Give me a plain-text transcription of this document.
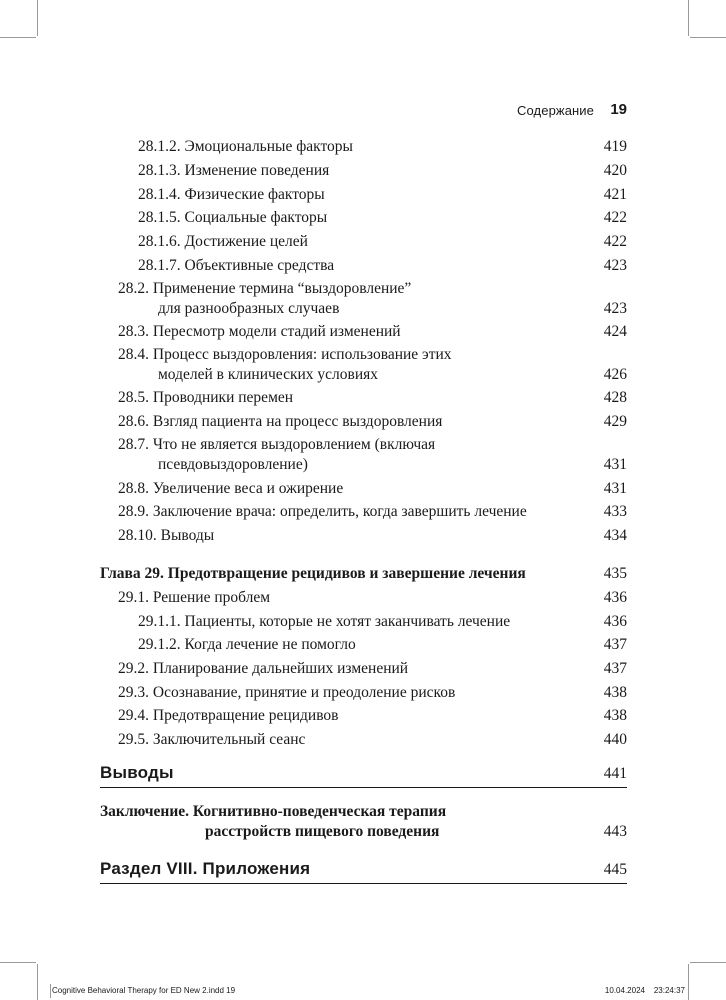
Содержание 19
28.1.2. Эмоциональные факторы	419
28.1.3. Изменение поведения	420
28.1.4. Физические факторы	421
28.1.5. Социальные факторы	422
28.1.6. Достижение целей	422
28.1.7. Объективные средства	423
28.2. Применение термина “выздоровление”
для разнообразных случаев	423
28.3. Пересмотр модели стадий изменений	424
28.4. Процесс выздоровления: использование этих
моделей в клинических условиях	426
28.5. Проводники перемен	428
28.6. Взгляд пациента на процесс выздоровления	429
28.7. Что не является выздоровлением (включая
псевдовыздоровление)	431
28.8. Увеличение веса и ожирение	431
28.9. Заключение врача: определить, когда завершить лечение	433
28.10. Выводы	434
Глава 29. Предотвращение рецидивов и завершение лечения	435
29.1. Решение проблем	436
29.1.1. Пациенты, которые не хотят заканчивать лечение	436
29.1.2. Когда лечение не помогло	437
29.2. Планирование дальнейших изменений	437
29.3. Осознавание, принятие и преодоление рисков	438
29.4. Предотвращение рецидивов	438
29.5. Заключительный сеанс	440
Выводы	441
Заключение. Когнитивно-поведенческая терапия
расстройств пищевого поведения	443
Раздел VIII. Приложения	445
Cognitive Behavioral Therapy for ED New 2.indd 19	10.04.2024 23:24:37
